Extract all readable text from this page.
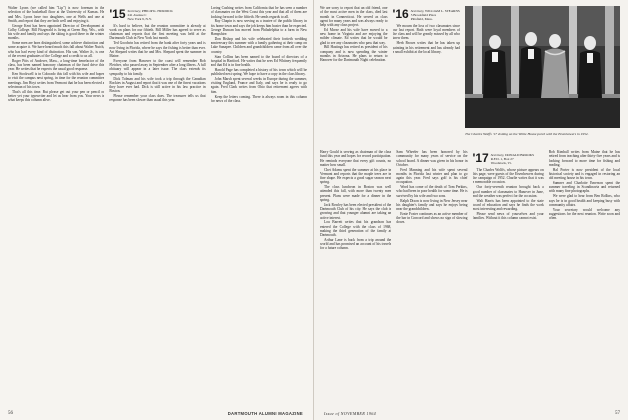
Walter Lyons (we called him "Lip") is now foreman in the selection of the basketball floor at the University of Kansas. He and Mrs. Lyons have two daughters, one at Wells and one at Smith, and report that they are both well and enjoying it.

George Kent has been appointed Director of Development at Colby College. Bill Fitzgerald is living at Green Bay, Wis., with his wife and family and says the skiing is good there in the winter months.

Some men are born distinguished, some achieve distinction and some acquire it. We have heard much this fall about Walter Nutch, who has had every kind of distinction. His son, Walter Jr., is one of the recent graduates of the College and a credit to us all.

Roger Pitts of Andover, Mass., a long-time benefactor of the class, has been named honorary chairman of the fund drive this year. He writes that he expects the usual good response.

Ken Stockwell is in Colorado this fall with his wife and hopes to visit the campus next spring, in time for the reunion committee meetings. Jim Hoyt writes from Vermont that he has been elected a selectman of his town.

That's all this time. But please get out your pen or pencil or better yet your typewriter and let us hear from you. Your news is what keeps this column alive.

'15 Secretary, PHILIP K. HURDICK
241 Avenue C
New York 9, N.Y.

It's hard to believe, but the reunion committee is already at work on plans for our fiftieth. Bill Miller has agreed to serve as chairman and reports that the first meeting was held at the Dartmouth Club in New York last month.

Ted Goodwin has retired from the bank after forty years and is now living in Florida, where he says the fishing is better than ever. Art Shepard writes that he and Mrs. Shepard spent the summer in Maine.

Everyone from Hanover to the coast will remember Bob Fletcher, who passed away in September after a long illness. A full obituary will appear in a later issue. The class extends its sympathy to his family.

Dick Tolman and his wife took a trip through the Canadian Rockies in August and report that it was one of the finest vacations they have ever had. Dick is still active in his law practice in Boston.

Please remember your class dues. The treasurer tells us that response has been slower than usual this year.

Loring Cushing writes from California that he has seen a number of classmates on the West Coast this year and that all of them are looking forward to the fiftieth. He sends regards to all.

Ray Chapin is now serving as a trustee of the public library in his home town and says the job keeps him busier than he expected. George Duncan has moved from Philadelphia to a farm in New Hampshire.

Don Bishop and his wife celebrated their fortieth wedding anniversary this summer with a family gathering at their camp on Lake Sunapee. Children and grandchildren came from all over the country.

Stan Collins has been named to the board of directors of a hospital in Hartford. He writes that he sees Ed Whitney frequently and that Ed is in fine health.

Harold Page has completed a history of his town which will be published next spring. We hope to have a copy in the class library.

John Marsh spent several weeks in Europe during the summer, visiting England, France and Italy, and says he is ready to go again. Fred Clark writes from Ohio that retirement agrees with him.

Keep the letters coming. There is always room in this column for news of the class.

56	DARTMOUTH ALUMNI MAGAZINE

We are sorry to report that an old friend, one of the most active men in the class, died last month in Connecticut. He served as class agent for many years and was always ready to help with any class project.

Ed Morse and his wife have moved to a new home in Virginia and are enjoying the milder climate. Ed writes that he would be glad to see any classmates who pass that way.

Bill Hastings has retired as president of his company and is now spending the winter months in Arizona. He plans to return to Hanover for the Dartmouth Night celebration.

'16 Secretary, WILLIAM L. STEARNS
5 Brookfield Place
Pittsfield, Mass.

We mourn the loss of two classmates since our last report. Both were loyal members of the class and will be greatly missed by all who knew them.

Herb Brown writes that he has taken up painting in his retirement and has already had a small exhibit at the local library.

The Charles Wolffs '17 visiting on the White House porch with the Eisenhowers in 1952.

Harry Gould is serving as chairman of the class fund this year and hopes for record participation. He reminds everyone that every gift counts, no matter how small.

Chet Adams spent the summer at his place in Vermont and reports that the maple trees are in fine shape. He expects a good sugar season next spring.

The class luncheon in Boston was well attended this fall, with more than twenty men present. Plans were made for a dinner in the spring.

Jack Rowley has been elected president of the Dartmouth Club of his city. He says the club is growing and that younger alumni are taking an active interest.

Lou Barrett writes that his grandson has entered the College with the class of 1968, making the third generation of the family at Dartmouth.

Arthur Lane is back from a trip around the world and has promised an account of his travels for a future column.

Sam Wheeler has been honored by his community for many years of service on the school board. A dinner was given in his honor in October.

Fred Manning and his wife spent several months in Florida last winter and plan to go again this year. Fred says golf is his chief occupation.

Word has come of the death of Tom Perkins, who had been in poor health for some time. He is survived by his wife and two sons.

Ralph Dixon is now living in New Jersey near his daughter's family and says he enjoys being near the grandchildren.

Ernie Foster continues as an active member of the bar in Concord and shows no sign of slowing down.

'17 Secretary, DONALD BROOKS
R.F.D. 1, Box 27
Woodstock, Vt.

The Charles Wolffs, whose picture appears on this page, were guests of the Eisenhowers during the campaign of 1952. Charlie writes that it was a memorable occasion.

Our forty-seventh reunion brought back a good number of classmates to Hanover in June, and the weather was perfect for the occasion.

Walt Harris has been appointed to the state board of education and says he finds the work most interesting and rewarding.

Please send news of yourselves and your families. Without it this column cannot exist.

Bob Kimball writes from Maine that he has retired from teaching after thirty-five years and is looking forward to more time for fishing and reading.

Hal Porter is now president of the local historical society and is engaged in restoring an old meeting house in his town.

Sumner and Charlotte Emerson spent the summer traveling in Scandinavia and returned with many fine photographs.

We were glad to hear from Ben Rollins, who says he is in good health and keeping busy with community affairs.

Your secretary would welcome any suggestions for the next reunion. Write soon and often.

Issue of NOVEMBER 1964	57
